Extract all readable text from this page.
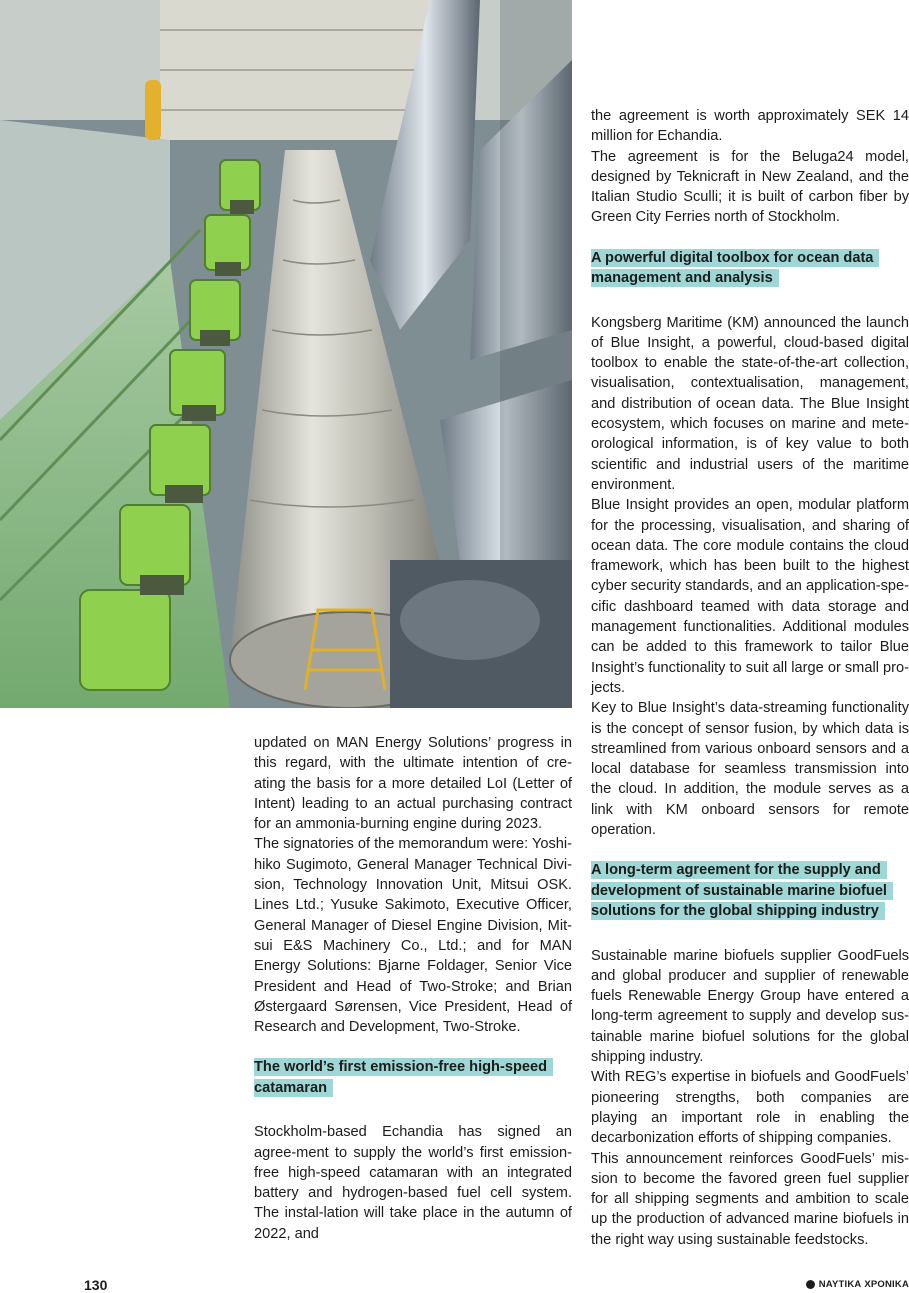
updated on MAN Energy Solutions’ progress in this regard, with the ultimate intention of cre-ating the basis for a more detailed LoI (Letter of Intent) leading to an actual purchasing contract for an ammonia-burning engine during 2023.

The signatories of the memorandum were: Yoshi-hiko Sugimoto, General Manager Technical Divi-sion, Technology Innovation Unit, Mitsui OSK. Lines Ltd.; Yusuke Sakimoto, Executive Officer, General Manager of Diesel Engine Division, Mit-sui E&S Machinery Co., Ltd.; and for MAN Energy Solutions: Bjarne Foldager, Senior Vice President and Head of Two-Stroke; and Brian Østergaard Sørensen, Vice President, Head of Research and Development, Two-Stroke.

The world’s first emission-free high-speed catamaran

Stockholm-based Echandia has signed an agree-ment to supply the world’s first emission-free high-speed catamaran with an integrated battery and hydrogen-based fuel cell system. The instal-lation will take place in the autumn of 2022, and

the agreement is worth approximately SEK 14 million for Echandia.

The agreement is for the Beluga24 model, designed by Teknicraft in New Zealand, and the Italian Studio Sculli; it is built of carbon fiber by Green City Ferries north of Stockholm.

A powerful digital toolbox for ocean data management and analysis

Kongsberg Maritime (KM) announced the launch of Blue Insight, a powerful, cloud-based digital toolbox to enable the state-of-the-art collection, visualisation, contextualisation, management, and distribution of ocean data. The Blue Insight ecosystem, which focuses on marine and mete-orological information, is of key value to both scientific and industrial users of the maritime environment.

Blue Insight provides an open, modular platform for the processing, visualisation, and sharing of ocean data. The core module contains the cloud framework, which has been built to the highest cyber security standards, and an application-spe-cific dashboard teamed with data storage and management functionalities. Additional modules can be added to this framework to tailor Blue Insight’s functionality to suit all large or small pro-jects.

Key to Blue Insight’s data-streaming functionality is the concept of sensor fusion, by which data is streamlined from various onboard sensors and a local database for seamless transmission into the cloud. In addition, the module serves as a link with KM onboard sensors for remote operation.

A long-term agreement for the supply and development of sustainable marine biofuel solutions for the global shipping industry

Sustainable marine biofuels supplier GoodFuels and global producer and supplier of renewable fuels Renewable Energy Group have entered a long-term agreement to supply and develop sus-tainable marine biofuel solutions for the global shipping industry.

With REG’s expertise in biofuels and GoodFuels’ pioneering strengths, both companies are playing an important role in enabling the decarbonization efforts of shipping companies.

This announcement reinforces GoodFuels’ mis-sion to become the favored green fuel supplier for all shipping segments and ambition to scale up the production of advanced marine biofuels in the right way using sustainable feedstocks.

130	ΝΑΥΤΙΚΑ ΧΡΟΝΙΚΑ
